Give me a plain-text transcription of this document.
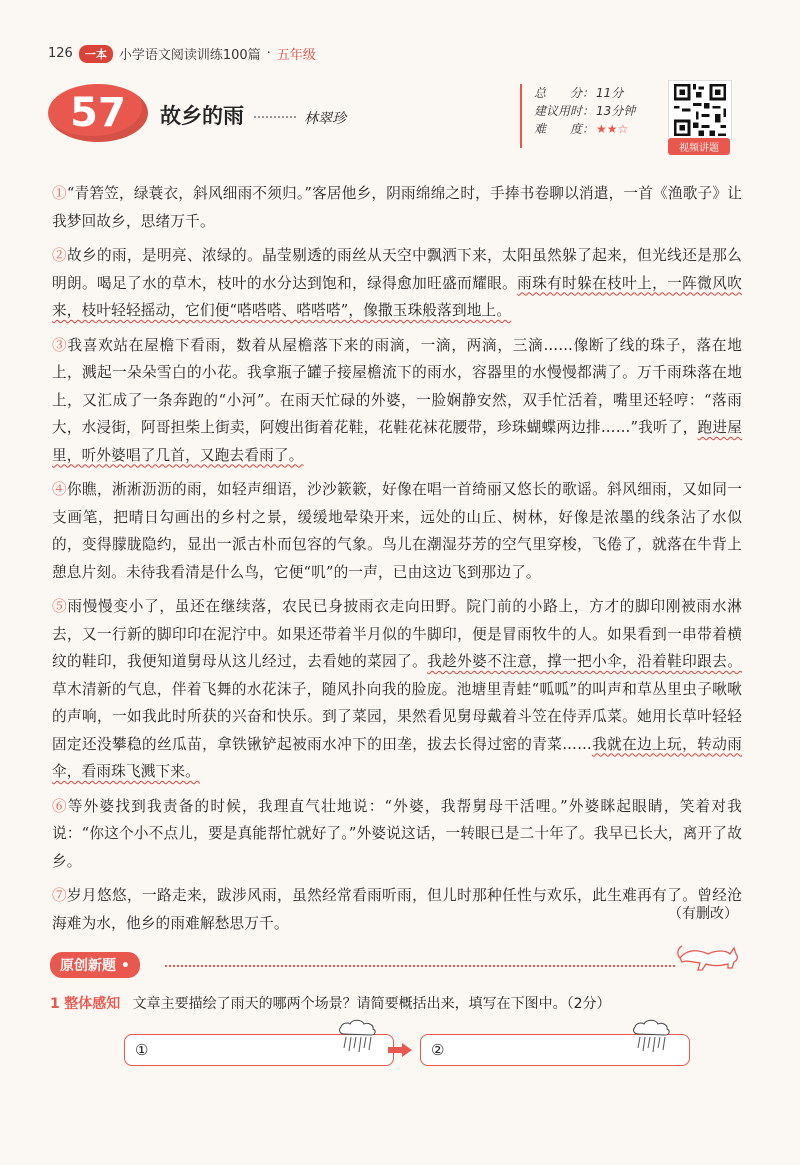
126	一本 小学语文阅读训练100篇 · 五年级
57	故乡的雨	林翠珍
总　　分： 11分
建议用时： 13分钟
难　　度： ★★☆
视频讲题

①“青箬笠，绿蓑衣，斜风细雨不须归。”客居他乡，阴雨绵绵之时，手捧书卷聊以消遣，一首《渔歌子》让我梦回故乡，思绪万千。

②故乡的雨，是明亮、浓绿的。晶莹剔透的雨丝从天空中飘洒下来，太阳虽然躲了起来，但光线还是那么明朗。喝足了水的草木，枝叶的水分达到饱和，绿得愈加旺盛而耀眼。雨珠有时躲在枝叶上，一阵微风吹来，枝叶轻轻摇动，它们便“嗒嗒嗒、嗒嗒嗒”，像撒玉珠般落到地上。

③我喜欢站在屋檐下看雨，数着从屋檐落下来的雨滴，一滴，两滴，三滴……像断了线的珠子，落在地上，溅起一朵朵雪白的小花。我拿瓶子罐子接屋檐流下的雨水，容器里的水慢慢都满了。万千雨珠落在地上，又汇成了一条奔跑的“小河”。在雨天忙碌的外婆，一脸娴静安然，双手忙活着，嘴里还轻哼：“落雨大，水浸街，阿哥担柴上街卖，阿嫂出街着花鞋，花鞋花袜花腰带，珍珠蝴蝶两边排……”我听了，跑进屋里，听外婆唱了几首，又跑去看雨了。

④你瞧，淅淅沥沥的雨，如轻声细语，沙沙簌簌，好像在唱一首绮丽又悠长的歌谣。斜风细雨，又如同一支画笔，把晴日勾画出的乡村之景，缓缓地晕染开来，远处的山丘、树林，好像是浓墨的线条沾了水似的，变得朦胧隐约，显出一派古朴而包容的气象。鸟儿在潮湿芬芳的空气里穿梭，飞倦了，就落在牛背上憩息片刻。未待我看清是什么鸟，它便“叽”的一声，已由这边飞到那边了。

⑤雨慢慢变小了，虽还在继续落，农民已身披雨衣走向田野。院门前的小路上，方才的脚印刚被雨水淋去，又一行新的脚印印在泥泞中。如果还带着半月似的牛脚印，便是冒雨牧牛的人。如果看到一串带着横纹的鞋印，我便知道舅母从这儿经过，去看她的菜园了。我趁外婆不注意，撑一把小伞，沿着鞋印跟去。草木清新的气息，伴着飞舞的水花沫子，随风扑向我的脸庞。池塘里青蛙“呱呱”的叫声和草丛里虫子啾啾的声响，一如我此时所获的兴奋和快乐。到了菜园，果然看见舅母戴着斗笠在侍弄瓜菜。她用长草叶轻轻固定还没攀稳的丝瓜苗，拿铁锹铲起被雨水冲下的田垄，拔去长得过密的青菜……我就在边上玩，转动雨伞，看雨珠飞溅下来。

⑥等外婆找到我责备的时候，我理直气壮地说：“外婆，我帮舅母干活哩。”外婆眯起眼睛，笑着对我说：“你这个小不点儿，要是真能帮忙就好了。”外婆说这话，一转眼已是二十年了。我早已长大，离开了故乡。

⑦岁月悠悠，一路走来，跋涉风雨，虽然经常看雨听雨，但儿时那种任性与欢乐，此生难再有了。曾经沧海难为水，他乡的雨难解愁思万千。

（有删改）
原创新题 •
1 整体感知 文章主要描绘了雨天的哪两个场景？请简要概括出来，填写在下图中。（2分）
①	②
